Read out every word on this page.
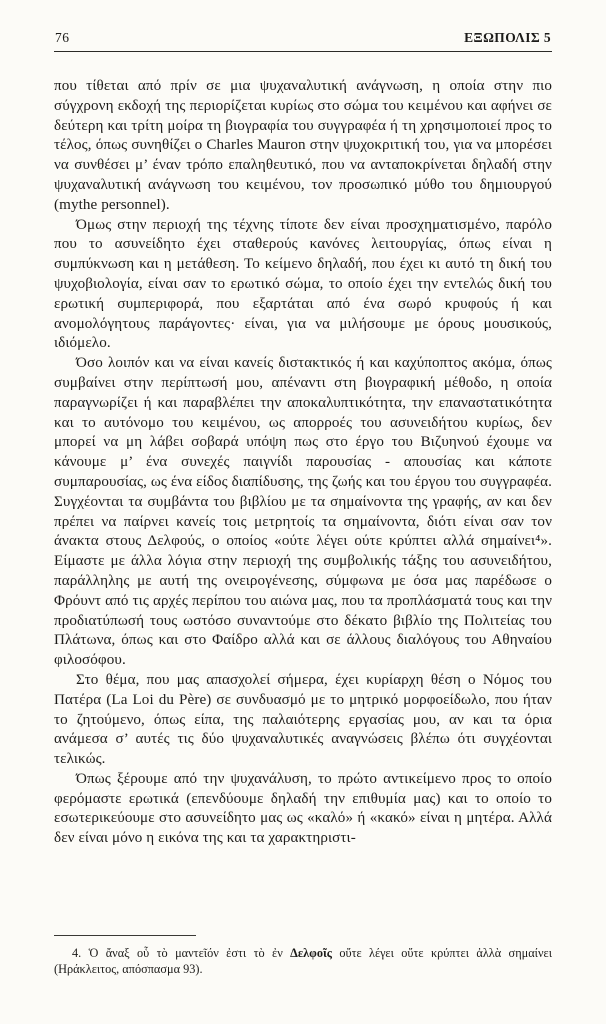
76	ΕΞΩΠΟΛΙΣ 5

που τίθεται από πρίν σε μια ψυχαναλυτική ανάγνωση, η οποία στην πιο σύγχρονη εκδοχή της περιορίζεται κυρίως στο σώμα του κειμένου και αφήνει σε δεύτερη και τρίτη μοίρα τη βιογραφία του συγγραφέα ή τη χρησιμοποιεί προς το τέλος, όπως συνηθίζει ο Charles Mauron στην ψυχοκριτική του, για να μπορέσει να συνθέσει μ’ έναν τρόπο επαληθευτικό, που να ανταποκρίνεται δηλαδή στην ψυχαναλυτική ανάγνωση του κειμένου, τον προσωπικό μύθο του δημιουργού (mythe personnel).

Όμως στην περιοχή της τέχνης τίποτε δεν είναι προσχηματισμένο, παρόλο που το ασυνείδητο έχει σταθερούς κανόνες λειτουργίας, όπως είναι η συμπύκνωση και η μετάθεση. Το κείμενο δηλαδή, που έχει κι αυτό τη δική του ψυχοβιολογία, είναι σαν το ερωτικό σώμα, το οποίο έχει την εντελώς δική του ερωτική συμπεριφορά, που εξαρτάται από ένα σωρό κρυφούς ή και ανομολόγητους παράγοντες· είναι, για να μιλήσουμε με όρους μουσικούς, ιδιόμελο.

Όσο λοιπόν και να είναι κανείς διστακτικός ή και καχύποπτος ακόμα, όπως συμβαίνει στην περίπτωσή μου, απέναντι στη βιογραφική μέθοδο, η οποία παραγνωρίζει ή και παραβλέπει την αποκαλυπτικότητα, την επαναστατικότητα και το αυτόνομο του κειμένου, ως απορροές του ασυνειδήτου κυρίως, δεν μπορεί να μη λάβει σοβαρά υπόψη πως στο έργο του Βιζυηνού έχουμε να κάνουμε μ’ ένα συνεχές παιγνίδι παρουσίας - απουσίας και κάποτε συμπαρουσίας, ως ένα είδος διαπίδυσης, της ζωής και του έργου του συγγραφέα. Συγχέονται τα συμβάντα του βιβλίου με τα σημαίνοντα της γραφής, αν και δεν πρέπει να παίρνει κανείς τοις μετρητοίς τα σημαίνοντα, διότι είναι σαν τον άνακτα στους Δελφούς, ο οποίος «ούτε λέγει ούτε κρύπτει αλλά σημαίνει⁴». Είμαστε με άλλα λόγια στην περιοχή της συμβολικής τάξης του ασυνειδήτου, παράλληλης με αυτή της ονειρογένεσης, σύμφωνα με όσα μας παρέδωσε ο Φρόυντ από τις αρχές περίπου του αιώνα μας, που τα προπλάσματά τους και την προδιατύπωσή τους ωστόσο συναντούμε στο δέκατο βιβλίο της Πολιτείας του Πλάτωνα, όπως και στο Φαίδρο αλλά και σε άλλους διαλόγους του Αθηναίου φιλοσόφου.

Στο θέμα, που μας απασχολεί σήμερα, έχει κυρίαρχη θέση ο Νόμος του Πατέρα (La Loi du Père) σε συνδυασμό με το μητρικό μορφοείδωλο, που ήταν το ζητούμενο, όπως είπα, της παλαιότερης εργασίας μου, αν και τα όρια ανάμεσα σ’ αυτές τις δύο ψυχαναλυτικές αναγνώσεις βλέπω ότι συγχέονται τελικώς.

Όπως ξέρουμε από την ψυχανάλυση, το πρώτο αντικείμενο προς το οποίο φερόμαστε ερωτικά (επενδύουμε δηλαδή την επιθυμία μας) και το οποίο το εσωτερικεύουμε στο ασυνείδητο μας ως «καλό» ή «κακό» είναι η μητέρα. Αλλά δεν είναι μόνο η εικόνα της και τα χαρακτηριστι-

4. Ὁ ἄναξ οὗ τὸ μαντεῖόν ἐστι τὸ ἐν Δελφοῖς οὔτε λέγει οὔτε κρύπτει ἀλλὰ σημαίνει (Ηράκλειτος, απόσπασμα 93).
